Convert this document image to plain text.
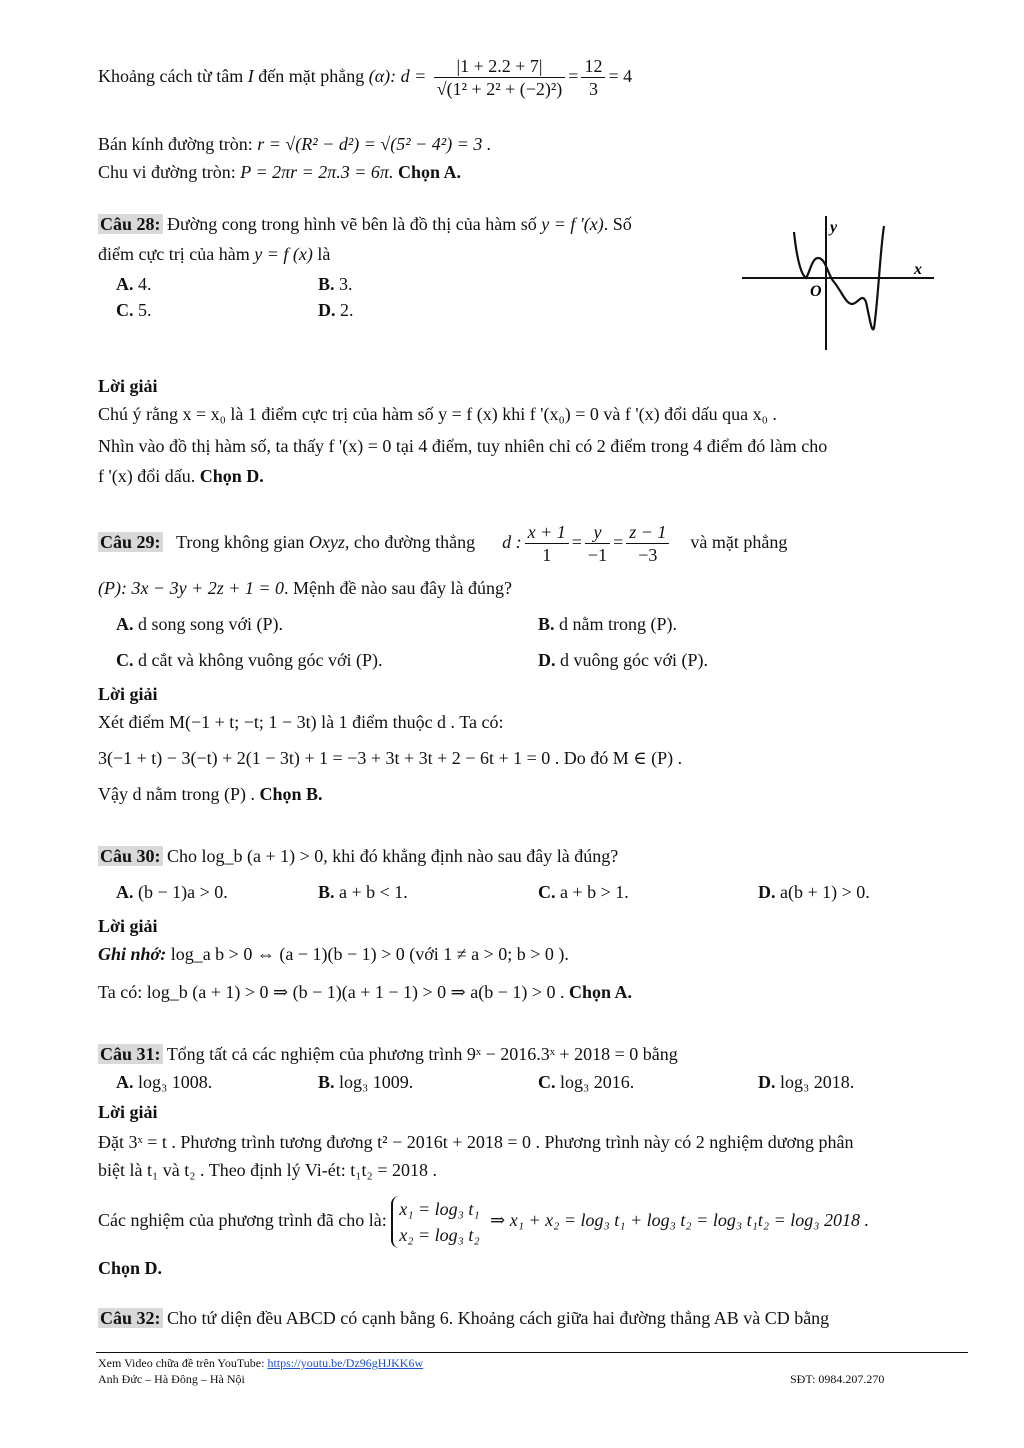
Khoảng cách từ tâm I đến mặt phẳng (α): $d = \frac{|1 + 2.2 + 7|}{\text{√(1² + 2² + (−2)²)}} = \frac{12}{3} = 4$
Bán kính đường tròn: r = √(R² − d²) = √(5² − 4²) = 3 .
Chu vi đường tròn: P = 2πr = 2π.3 = 6π. Chọn A.
Câu 28: Đường cong trong hình vẽ bên là đồ thị của hàm số y = f '(x). Số
điểm cực trị của hàm y = f (x) là
A. 4.	B. 3.
C. 5.	D. 2.
y
x
O
Lời giải
Chú ý rằng x = x₀ là 1 điểm cực trị của hàm số y = f (x) khi f '(x₀) = 0 và f '(x) đổi dấu qua x₀ .
Nhìn vào đồ thị hàm số, ta thấy f '(x) = 0 tại 4 điểm, tuy nhiên chỉ có 2 điểm trong 4 điểm đó làm cho
f '(x) đổi dấu. Chọn D.
Câu 29: Trong không gian Oxyz, cho đường thẳng d : $\frac{x + 1}{1} = \frac{y}{-1} = \frac{z - 1}{-3}$ và mặt phẳng
(P): 3x − 3y + 2z + 1 = 0. Mệnh đề nào sau đây là đúng?
A. d song song với (P).	B. d nằm trong (P).
C. d cắt và không vuông góc với (P).	D. d vuông góc với (P).
Lời giải
Xét điểm M(−1 + t; −t; 1 − 3t) là 1 điểm thuộc d . Ta có:
3(−1 + t) − 3(−t) + 2(1 − 3t) + 1 = −3 + 3t + 3t + 2 − 6t + 1 = 0 . Do đó M ∈ (P) .
Vậy d nằm trong (P) . Chọn B.
Câu 30: Cho log_b (a + 1) > 0, khi đó khẳng định nào sau đây là đúng?
A. (b − 1)a > 0.	B. a + b < 1.	C. a + b > 1.	D. a(b + 1) > 0.
Lời giải
Ghi nhớ: log_a b > 0 ⇔ (a − 1)(b − 1) > 0 (với 1 ≠ a > 0; b > 0 ).
Ta có: log_b (a + 1) > 0 ⇒ (b − 1)(a + 1 − 1) > 0 ⇒ a(b − 1) > 0 . Chọn A.
Câu 31: Tổng tất cả các nghiệm của phương trình 9ˣ − 2016.3ˣ + 2018 = 0 bằng
A. log₃ 1008.	B. log₃ 1009.	C. log₃ 2016.	D. log₃ 2018.
Lời giải
Đặt 3ˣ = t . Phương trình tương đương t² − 2016t + 2018 = 0 . Phương trình này có 2 nghiệm dương phân
biệt là t₁ và t₂ . Theo định lý Vi-ét: t₁t₂ = 2018 .
Các nghiệm của phương trình đã cho là:
x₁ = log₃ t₁
x₂ = log₃ t₂
⇒ x₁ + x₂ = log₃ t₁ + log₃ t₂ = log₃ t₁t₂ = log₃ 2018 .
Chọn D.
Câu 32: Cho tứ diện đều ABCD có cạnh bằng 6. Khoảng cách giữa hai đường thẳng AB và CD bằng
Xem Video chữa đề trên YouTube: https://youtu.be/Dz96gHJKK6w
Anh Đức – Hà Đông – Hà Nội	SĐT: 0984.207.270
